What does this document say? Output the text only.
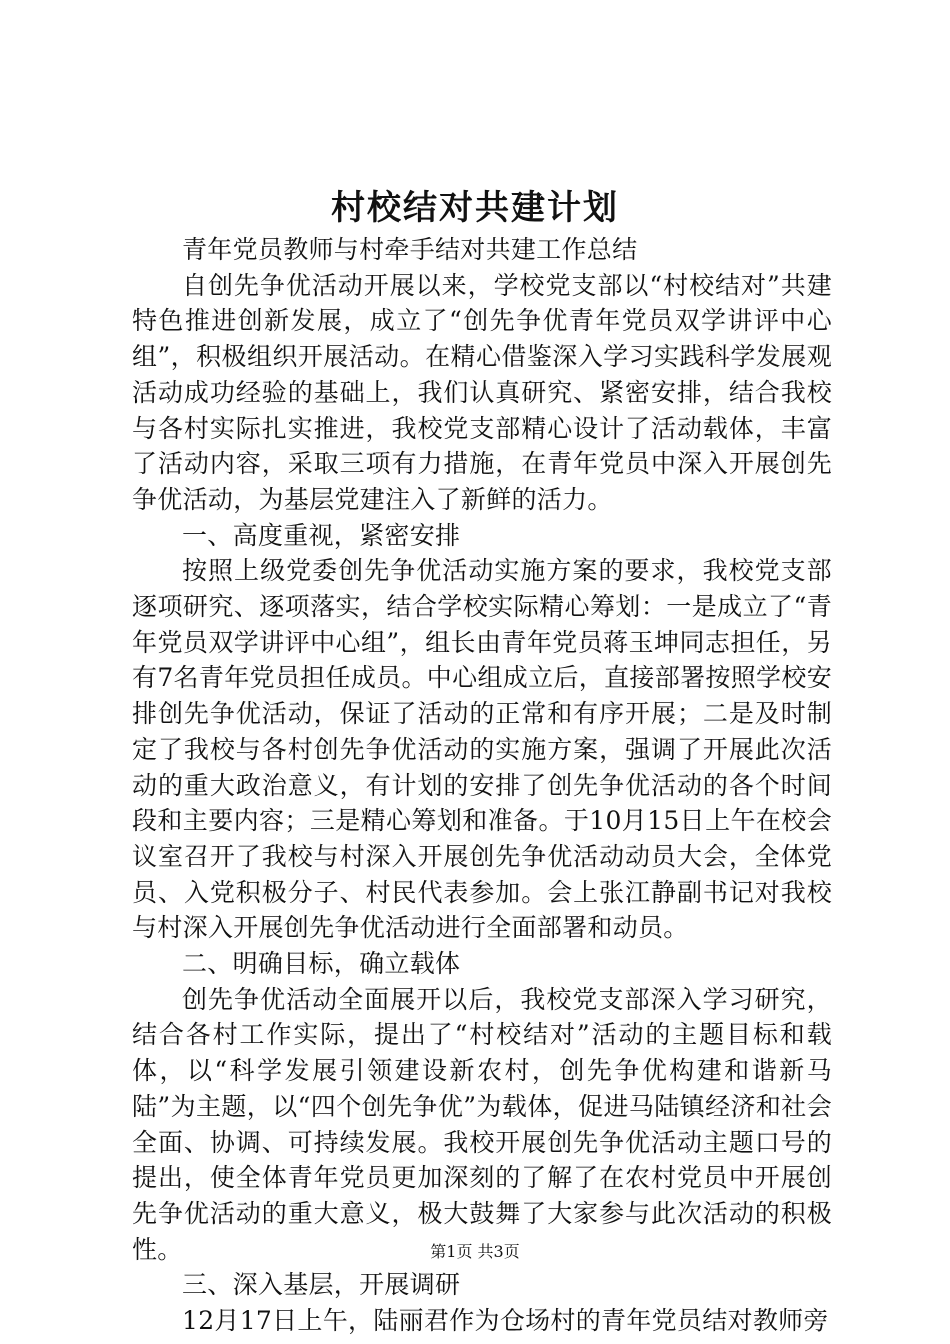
村校结对共建计划

青年党员教师与村牵手结对共建工作总结

自创先争优活动开展以来，学校党支部以“村校结对”共建特色推进创新发展，成立了“创先争优青年党员双学讲评中心组”，积极组织开展活动。在精心借鉴深入学习实践科学发展观活动成功经验的基础上，我们认真研究、紧密安排，结合我校与各村实际扎实推进，我校党支部精心设计了活动载体，丰富了活动内容，采取三项有力措施，在青年党员中深入开展创先争优活动，为基层党建注入了新鲜的活力。

一、高度重视，紧密安排

按照上级党委创先争优活动实施方案的要求，我校党支部逐项研究、逐项落实，结合学校实际精心筹划：一是成立了“青年党员双学讲评中心组”，组长由青年党员蒋玉坤同志担任，另有7名青年党员担任成员。中心组成立后，直接部署按照学校安排创先争优活动，保证了活动的正常和有序开展；二是及时制定了我校与各村创先争优活动的实施方案，强调了开展此次活动的重大政治意义，有计划的安排了创先争优活动的各个时间段和主要内容；三是精心筹划和准备。于10月15日上午在校会议室召开了我校与村深入开展创先争优活动动员大会，全体党员、入党积极分子、村民代表参加。会上张江静副书记对我校与村深入开展创先争优活动进行全面部署和动员。

二、明确目标，确立载体

创先争优活动全面展开以后，我校党支部深入学习研究，结合各村工作实际，提出了“村校结对”活动的主题目标和载体，以“科学发展引领建设新农村，创先争优构建和谐新马陆”为主题，以“四个创先争优”为载体，促进马陆镇经济和社会全面、协调、可持续发展。我校开展创先争优活动主题口号的提出，使全体青年党员更加深刻的了解了在农村党员中开展创先争优活动的重大意义，极大鼓舞了大家参与此次活动的积极性。

三、深入基层，开展调研

12月17日上午，陆丽君作为仓场村的青年党员结对教师旁

第1页 共3页
